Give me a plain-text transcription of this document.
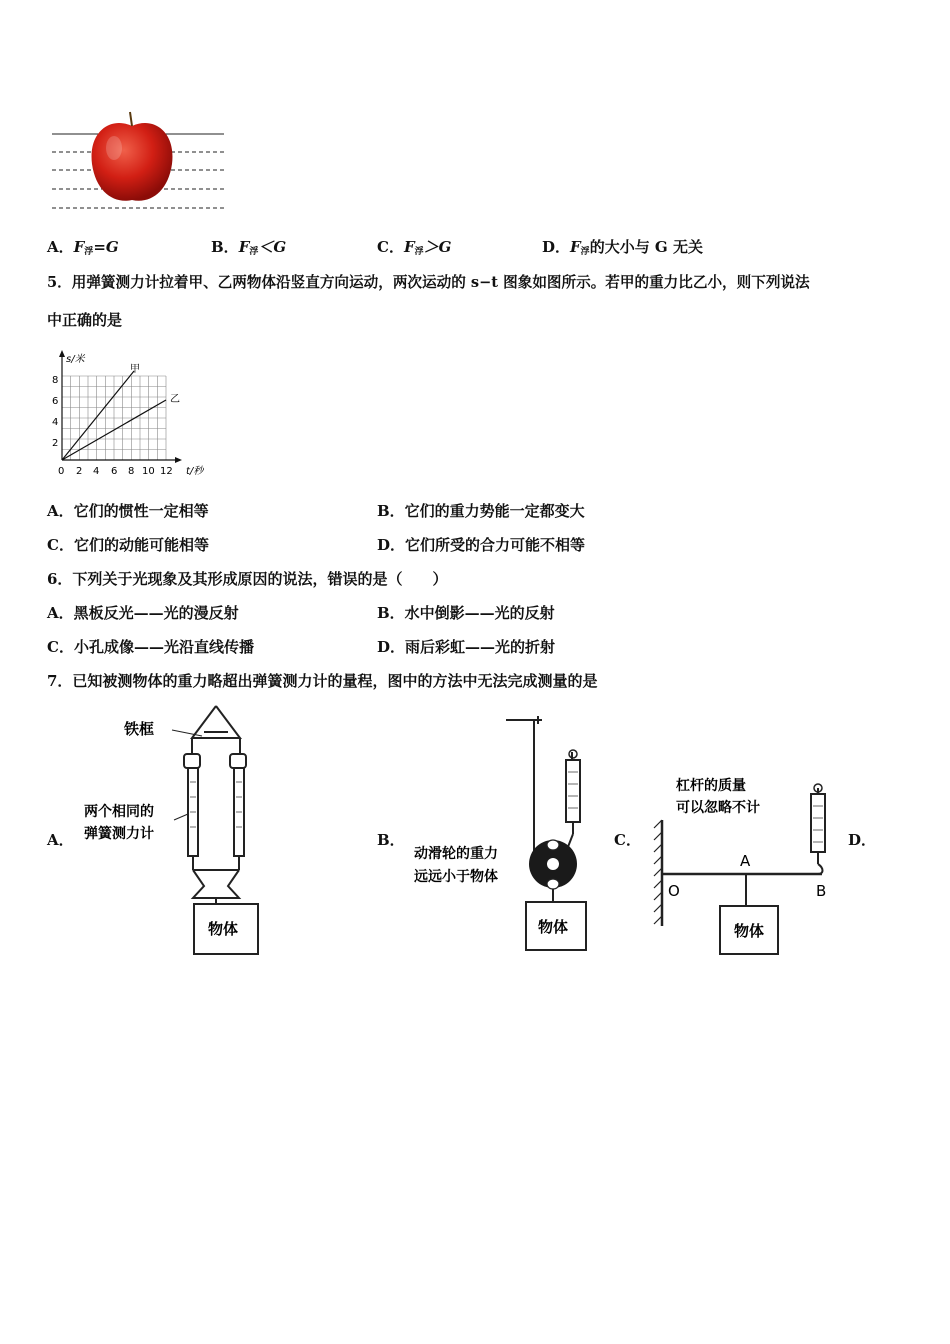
A．$F_浮=G$	B．$F_浮<G$	C．$F_浮>G$	D．$F_浮$的大小与 G 无关
5．用弹簧测力计拉着甲、乙两物体沿竖直方向运动，两次运动的 s−t 图象如图所示。若甲的重力比乙小，则下列说法
中正确的是
甲
乙
s/米
t/秒
8
6
4
2
0 2 4 6 8 10 12
A．它们的惯性一定相等	B．它们的重力势能一定都变大
C．它们的动能可能相等	D．它们所受的合力可能不相等
6．下列关于光现象及其形成原因的说法，错误的是（　　）
A．黑板反光——光的漫反射	B．水中倒影——光的反射
C．小孔成像——光沿直线传播	D．雨后彩虹——光的折射
7．已知被测物体的重力略超出弹簧测力计的量程，图中的方法中无法完成测量的是
A．	B．	C．	D．
铁框
两个相同的
弹簧测力计
物体
动滑轮的重力
远远小于物体
物体
杠杆的质量
可以忽略不计
A
O	B
物体
